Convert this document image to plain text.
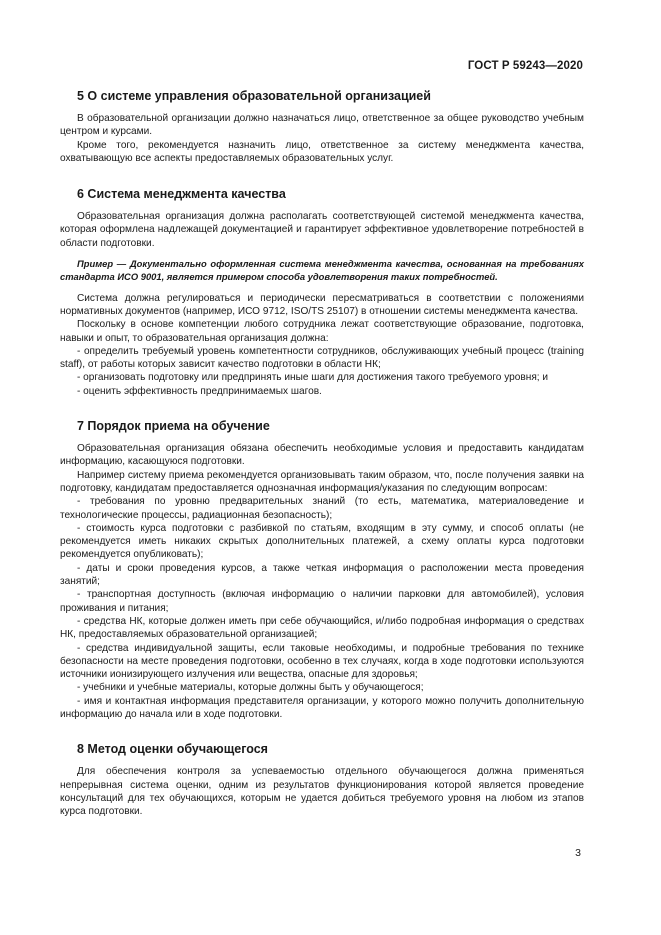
ГОСТ Р 59243—2020
5 О системе управления образовательной организацией

В образовательной организации должно назначаться лицо, ответственное за общее руководство учебным центром и курсами.

Кроме того, рекомендуется назначить лицо, ответственное за систему менеджмента качества, охватывающую все аспекты предоставляемых образовательных услуг.

6 Система менеджмента качества

Образовательная организация должна располагать соответствующей системой менеджмента качества, которая оформлена надлежащей документацией и гарантирует эффективное удовлетворение потребностей в области подготовки.

Пример — Документально оформленная система менеджмента качества, основанная на требованиях стандарта ИСО 9001, является примером способа удовлетворения таких потребностей.

Система должна регулироваться и периодически пересматриваться в соответствии с положениями нормативных документов (например, ИСО 9712, ISO/TS 25107) в отношении системы менеджмента качества.

Поскольку в основе компетенции любого сотрудника лежат соответствующие образование, подготовка, навыки и опыт, то образовательная организация должна:

- определить требуемый уровень компетентности сотрудников, обслуживающих учебный процесс (training staff), от работы которых зависит качество подготовки в области НК;

- организовать подготовку или предпринять иные шаги для достижения такого требуемого уровня; и

- оценить эффективность предпринимаемых шагов.

7 Порядок приема на обучение

Образовательная организация обязана обеспечить необходимые условия и предоставить кандидатам информацию, касающуюся подготовки.

Например систему приема рекомендуется организовывать таким образом, что, после получения заявки на подготовку, кандидатам предоставляется однозначная информация/указания по следующим вопросам:

- требования по уровню предварительных знаний (то есть, математика, материаловедение и технологические процессы, радиационная безопасность);

- стоимость курса подготовки с разбивкой по статьям, входящим в эту сумму, и способ оплаты (не рекомендуется иметь никаких скрытых дополнительных платежей, а схему оплаты курса подготовки рекомендуется опубликовать);

- даты и сроки проведения курсов, а также четкая информация о расположении места проведения занятий;

- транспортная доступность (включая информацию о наличии парковки для автомобилей), условия проживания и питания;

- средства НК, которые должен иметь при себе обучающийся, и/либо подробная информация о средствах НК, предоставляемых образовательной организацией;

- средства индивидуальной защиты, если таковые необходимы, и подробные требования по технике безопасности на месте проведения подготовки, особенно в тех случаях, когда в ходе подготовки используются источники ионизирующего излучения или вещества, опасные для здоровья;

- учебники и учебные материалы, которые должны быть у обучающегося;

- имя и контактная информация представителя организации, у которого можно получить дополнительную информацию до начала или в ходе подготовки.

8 Метод оценки обучающегося

Для обеспечения контроля за успеваемостью отдельного обучающегося должна применяться непрерывная система оценки, одним из результатов функционирования которой является проведение консультаций для тех обучающихся, которым не удается добиться требуемого уровня на любом из этапов курса подготовки.

3
